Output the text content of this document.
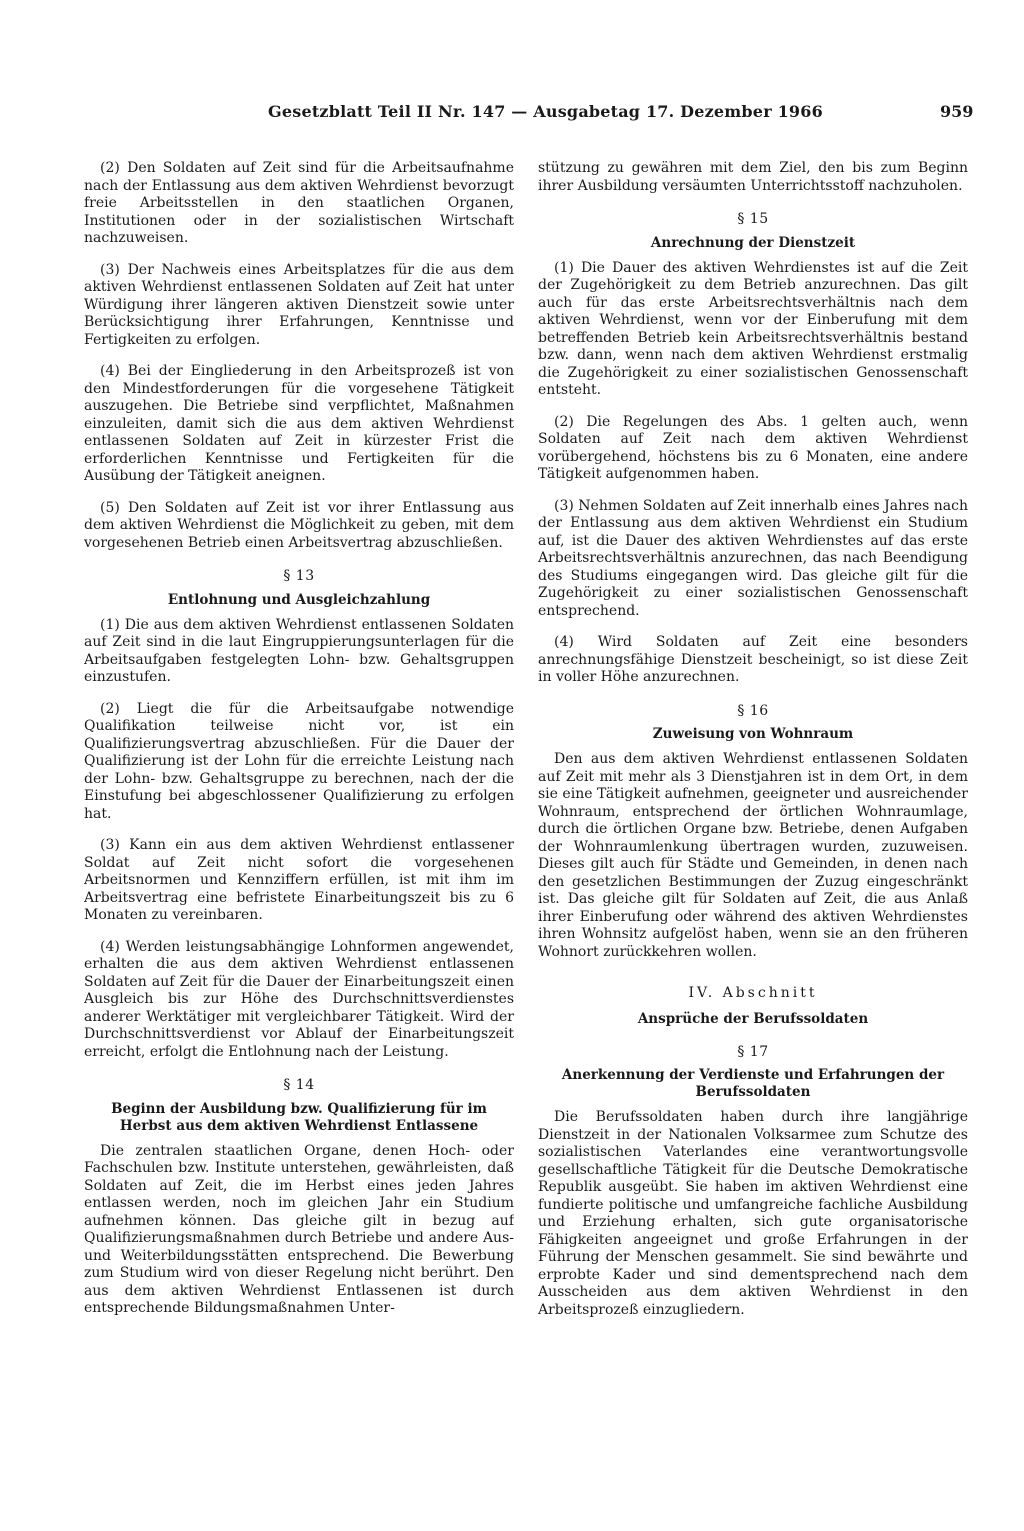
Gesetzblatt Teil II Nr. 147 — Ausgabetag 17. Dezember 1966	959

(2) Den Soldaten auf Zeit sind für die Arbeitsaufnahme nach der Entlassung aus dem aktiven Wehrdienst bevorzugt freie Arbeitsstellen in den staatlichen Organen, Institutionen oder in der sozialistischen Wirtschaft nachzuweisen.

(3) Der Nachweis eines Arbeitsplatzes für die aus dem aktiven Wehrdienst entlassenen Soldaten auf Zeit hat unter Würdigung ihrer längeren aktiven Dienstzeit sowie unter Berücksichtigung ihrer Erfahrungen, Kenntnisse und Fertigkeiten zu erfolgen.

(4) Bei der Eingliederung in den Arbeitsprozeß ist von den Mindestforderungen für die vorgesehene Tätigkeit auszugehen. Die Betriebe sind verpflichtet, Maßnahmen einzuleiten, damit sich die aus dem aktiven Wehrdienst entlassenen Soldaten auf Zeit in kürzester Frist die erforderlichen Kenntnisse und Fertigkeiten für die Ausübung der Tätigkeit aneignen.

(5) Den Soldaten auf Zeit ist vor ihrer Entlassung aus dem aktiven Wehrdienst die Möglichkeit zu geben, mit dem vorgesehenen Betrieb einen Arbeitsvertrag abzuschließen.

§ 13
Entlohnung und Ausgleichzahlung

(1) Die aus dem aktiven Wehrdienst entlassenen Soldaten auf Zeit sind in die laut Eingruppierungsunterlagen für die Arbeitsaufgaben festgelegten Lohn- bzw. Gehaltsgruppen einzustufen.

(2) Liegt die für die Arbeitsaufgabe notwendige Qualifikation teilweise nicht vor, ist ein Qualifizierungsvertrag abzuschließen. Für die Dauer der Qualifizierung ist der Lohn für die erreichte Leistung nach der Lohn- bzw. Gehaltsgruppe zu berechnen, nach der die Einstufung bei abgeschlossener Qualifizierung zu erfolgen hat.

(3) Kann ein aus dem aktiven Wehrdienst entlassener Soldat auf Zeit nicht sofort die vorgesehenen Arbeitsnormen und Kennziffern erfüllen, ist mit ihm im Arbeitsvertrag eine befristete Einarbeitungszeit bis zu 6 Monaten zu vereinbaren.

(4) Werden leistungsabhängige Lohnformen angewendet, erhalten die aus dem aktiven Wehrdienst entlassenen Soldaten auf Zeit für die Dauer der Einarbeitungszeit einen Ausgleich bis zur Höhe des Durchschnittsverdienstes anderer Werktätiger mit vergleichbarer Tätigkeit. Wird der Durchschnittsverdienst vor Ablauf der Einarbeitungszeit erreicht, erfolgt die Entlohnung nach der Leistung.

§ 14
Beginn der Ausbildung bzw. Qualifizierung für im Herbst aus dem aktiven Wehrdienst Entlassene

Die zentralen staatlichen Organe, denen Hoch- oder Fachschulen bzw. Institute unterstehen, gewährleisten, daß Soldaten auf Zeit, die im Herbst eines jeden Jahres entlassen werden, noch im gleichen Jahr ein Studium aufnehmen können. Das gleiche gilt in bezug auf Qualifizierungsmaßnahmen durch Betriebe und andere Aus- und Weiterbildungsstätten entsprechend. Die Bewerbung zum Studium wird von dieser Regelung nicht berührt. Den aus dem aktiven Wehrdienst Entlassenen ist durch entsprechende Bildungsmaßnahmen Unter-

stützung zu gewähren mit dem Ziel, den bis zum Beginn ihrer Ausbildung versäumten Unterrichtsstoff nachzuholen.

§ 15
Anrechnung der Dienstzeit

(1) Die Dauer des aktiven Wehrdienstes ist auf die Zeit der Zugehörigkeit zu dem Betrieb anzurechnen. Das gilt auch für das erste Arbeitsrechtsverhältnis nach dem aktiven Wehrdienst, wenn vor der Einberufung mit dem betreffenden Betrieb kein Arbeitsrechtsverhältnis bestand bzw. dann, wenn nach dem aktiven Wehrdienst erstmalig die Zugehörigkeit zu einer sozialistischen Genossenschaft entsteht.

(2) Die Regelungen des Abs. 1 gelten auch, wenn Soldaten auf Zeit nach dem aktiven Wehrdienst vorübergehend, höchstens bis zu 6 Monaten, eine andere Tätigkeit aufgenommen haben.

(3) Nehmen Soldaten auf Zeit innerhalb eines Jahres nach der Entlassung aus dem aktiven Wehrdienst ein Studium auf, ist die Dauer des aktiven Wehrdienstes auf das erste Arbeitsrechtsverhältnis anzurechnen, das nach Beendigung des Studiums eingegangen wird. Das gleiche gilt für die Zugehörigkeit zu einer sozialistischen Genossenschaft entsprechend.

(4) Wird Soldaten auf Zeit eine besonders anrechnungsfähige Dienstzeit bescheinigt, so ist diese Zeit in voller Höhe anzurechnen.

§ 16
Zuweisung von Wohnraum

Den aus dem aktiven Wehrdienst entlassenen Soldaten auf Zeit mit mehr als 3 Dienstjahren ist in dem Ort, in dem sie eine Tätigkeit aufnehmen, geeigneter und ausreichender Wohnraum, entsprechend der örtlichen Wohnraumlage, durch die örtlichen Organe bzw. Betriebe, denen Aufgaben der Wohnraumlenkung übertragen wurden, zuzuweisen. Dieses gilt auch für Städte und Gemeinden, in denen nach den gesetzlichen Bestimmungen der Zuzug eingeschränkt ist. Das gleiche gilt für Soldaten auf Zeit, die aus Anlaß ihrer Einberufung oder während des aktiven Wehrdienstes ihren Wohnsitz aufgelöst haben, wenn sie an den früheren Wohnort zurückkehren wollen.

IV. Abschnitt
Ansprüche der Berufssoldaten
§ 17
Anerkennung der Verdienste und Erfahrungen der Berufssoldaten

Die Berufssoldaten haben durch ihre langjährige Dienstzeit in der Nationalen Volksarmee zum Schutze des sozialistischen Vaterlandes eine verantwortungsvolle gesellschaftliche Tätigkeit für die Deutsche Demokratische Republik ausgeübt. Sie haben im aktiven Wehrdienst eine fundierte politische und umfangreiche fachliche Ausbildung und Erziehung erhalten, sich gute organisatorische Fähigkeiten angeeignet und große Erfahrungen in der Führung der Menschen gesammelt. Sie sind bewährte und erprobte Kader und sind dementsprechend nach dem Ausscheiden aus dem aktiven Wehrdienst in den Arbeitsprozeß einzugliedern.
